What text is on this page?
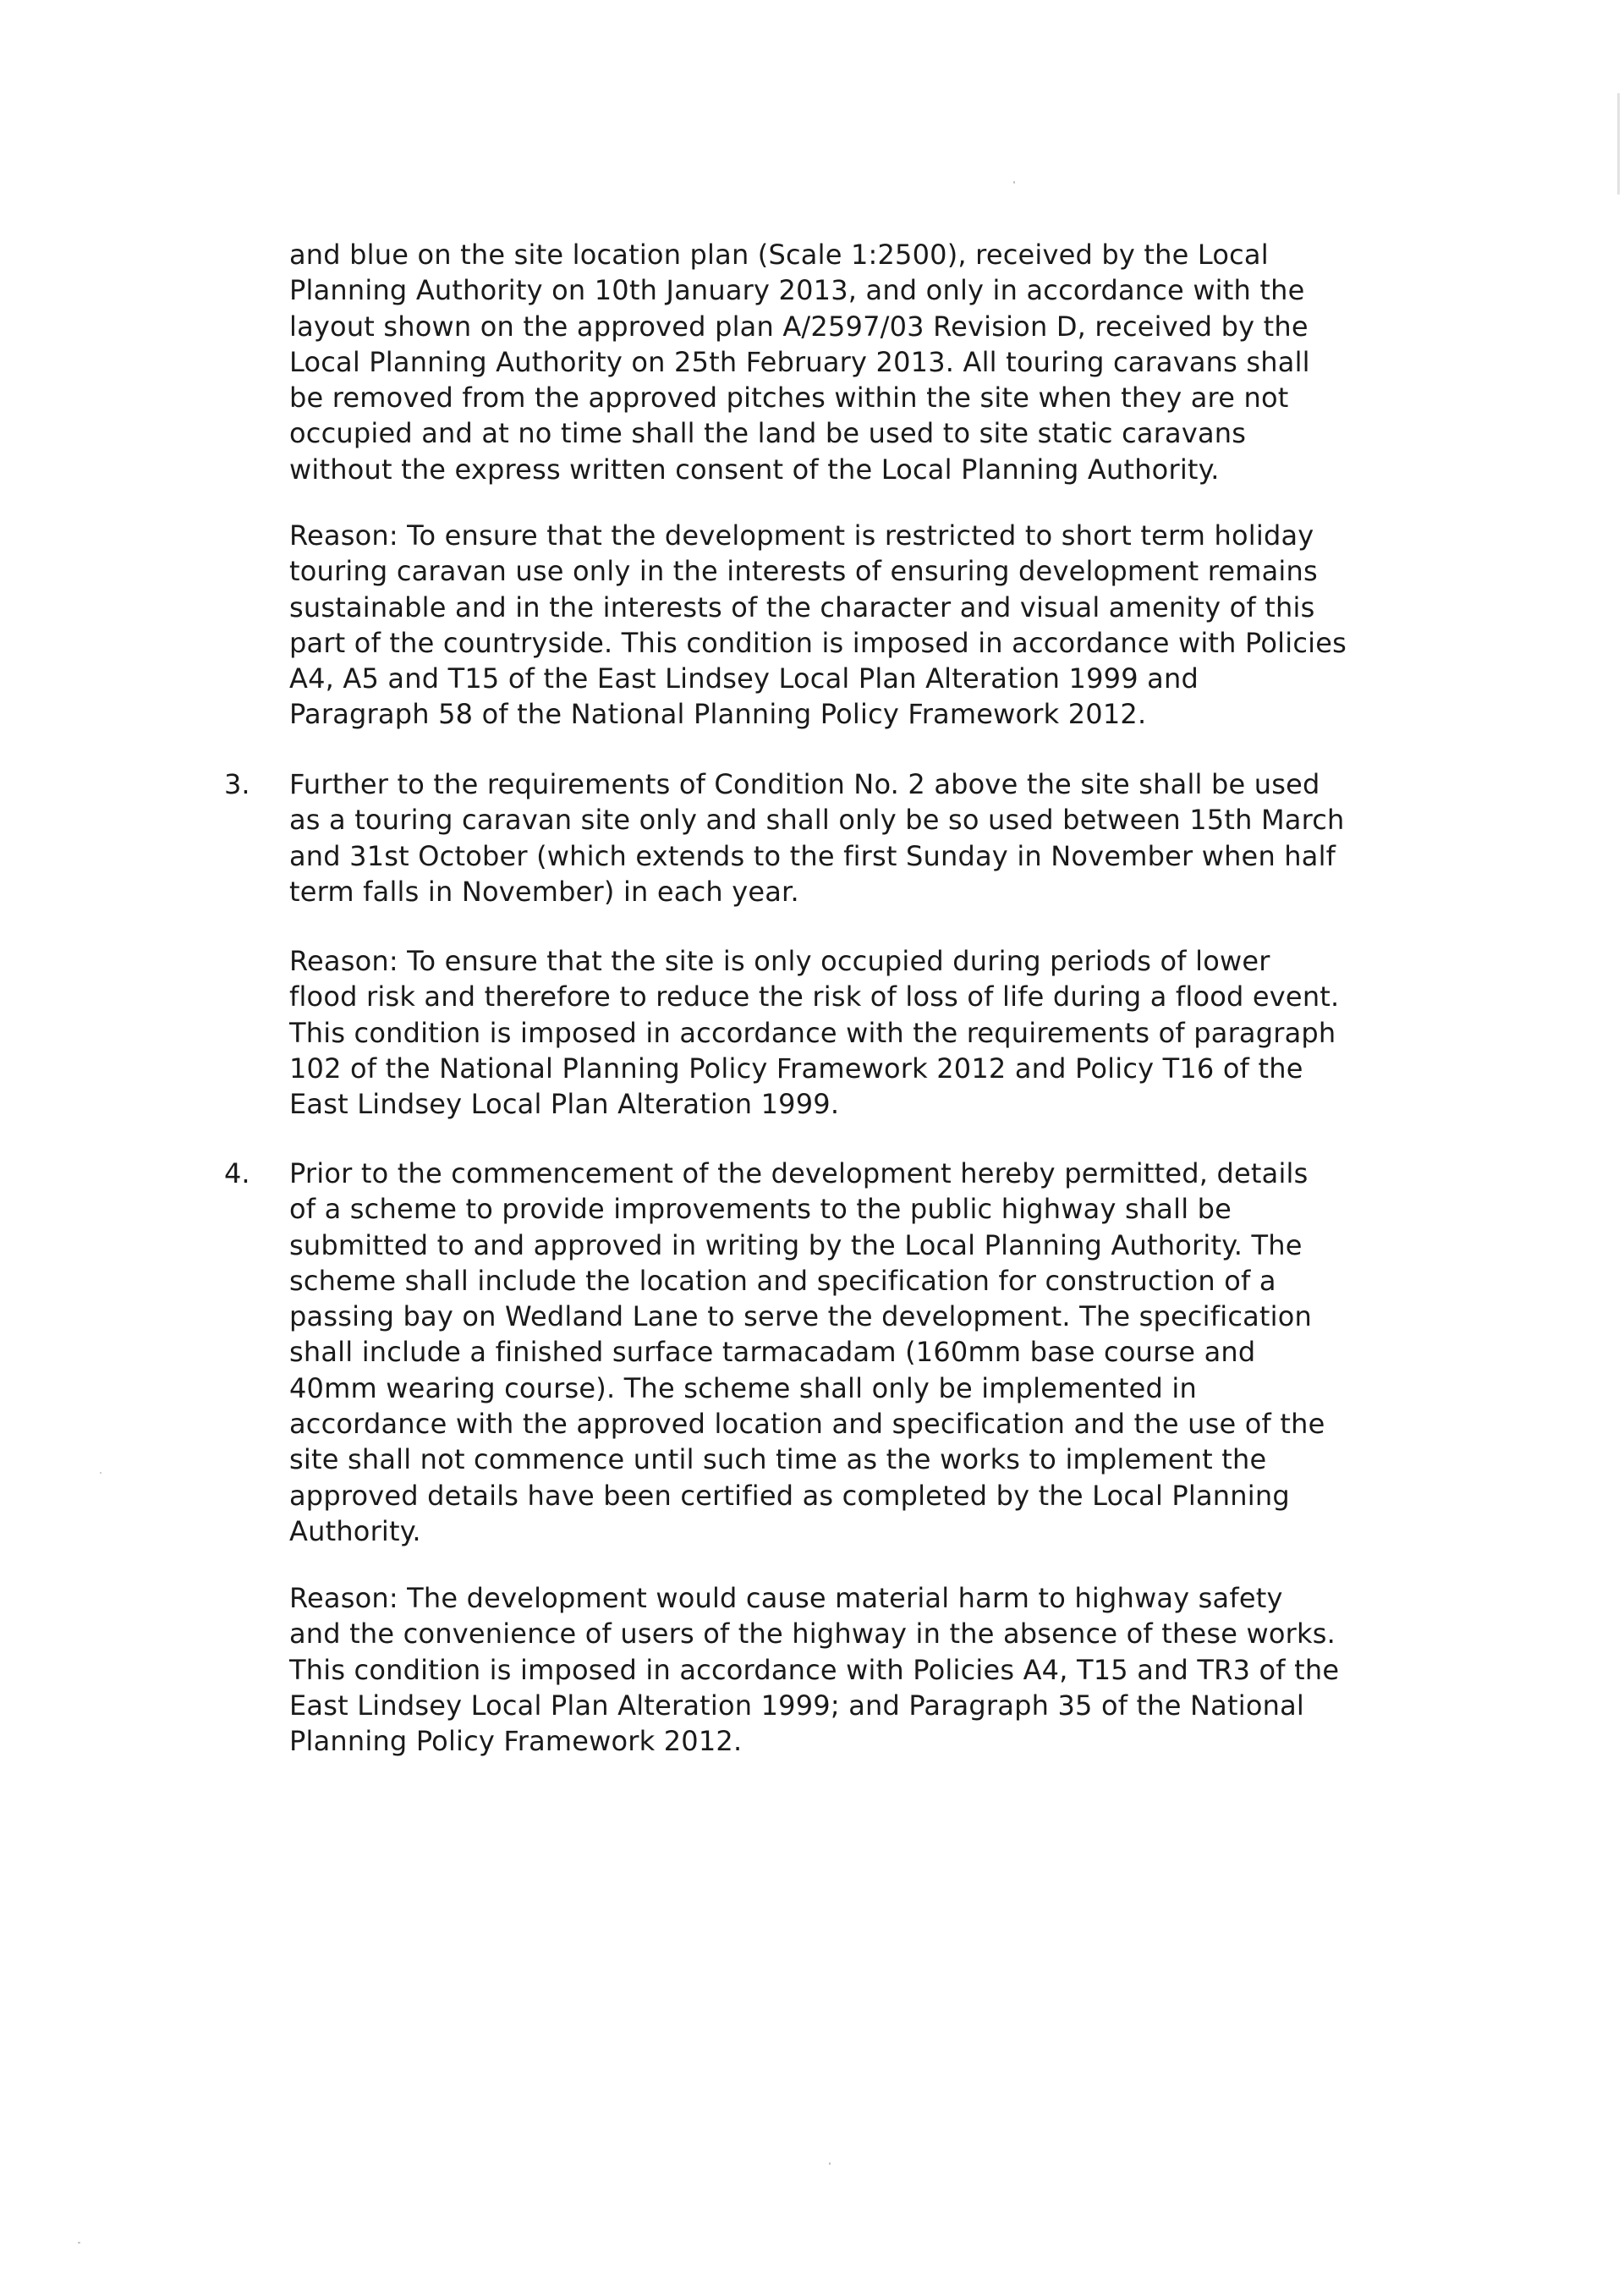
and blue on the site location plan (Scale 1:2500), received by the Local
Planning Authority on 10th January 2013, and only in accordance with the
layout shown on the approved plan A/2597/03 Revision D, received by the
Local Planning Authority on 25th February 2013. All touring caravans shall
be removed from the approved pitches within the site when they are not
occupied and at no time shall the land be used to site static caravans
without the express written consent of the Local Planning Authority.

Reason: To ensure that the development is restricted to short term holiday
touring caravan use only in the interests of ensuring development remains
sustainable and in the interests of the character and visual amenity of this
part of the countryside. This condition is imposed in accordance with Policies
A4, A5 and T15 of the East Lindsey Local Plan Alteration 1999 and
Paragraph 58 of the National Planning Policy Framework 2012.

3. Further to the requirements of Condition No. 2 above the site shall be used
as a touring caravan site only and shall only be so used between 15th March
and 31st October (which extends to the first Sunday in November when half
term falls in November) in each year.

Reason: To ensure that the site is only occupied during periods of lower
flood risk and therefore to reduce the risk of loss of life during a flood event.
This condition is imposed in accordance with the requirements of paragraph
102 of the National Planning Policy Framework 2012 and Policy T16 of the
East Lindsey Local Plan Alteration 1999.

4. Prior to the commencement of the development hereby permitted, details
of a scheme to provide improvements to the public highway shall be
submitted to and approved in writing by the Local Planning Authority. The
scheme shall include the location and specification for construction of a
passing bay on Wedland Lane to serve the development. The specification
shall include a finished surface tarmacadam (160mm base course and
40mm wearing course). The scheme shall only be implemented in
accordance with the approved location and specification and the use of the
site shall not commence until such time as the works to implement the
approved details have been certified as completed by the Local Planning
Authority.

Reason: The development would cause material harm to highway safety
and the convenience of users of the highway in the absence of these works.
This condition is imposed in accordance with Policies A4, T15 and TR3 of the
East Lindsey Local Plan Alteration 1999; and Paragraph 35 of the National
Planning Policy Framework 2012.
